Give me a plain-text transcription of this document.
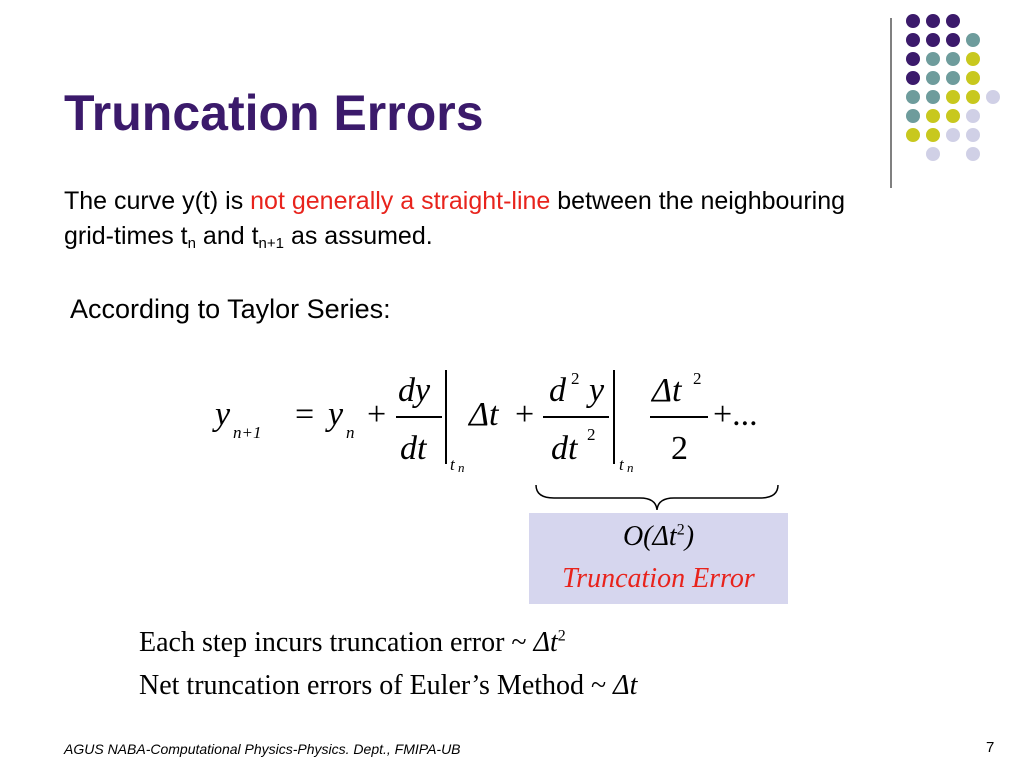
Truncation Errors
The curve y(t) is not generally a straight-line between the neighbouring grid-times $t_n$ and $t_{n+1}$ as assumed.
According to Taylor Series:
y n+1 = y n +
dy
dt t n
Δt +
d 2 y
dt 2
t n
Δt 2
2
+...
$O(\Delta t^2)$
Truncation Error
Each step incurs truncation error ~ $\Delta t^2$
Net truncation errors of Euler’s Method ~ Δt
AGUS NABA-Computational Physics-Physics. Dept., FMIPA-UB	7
